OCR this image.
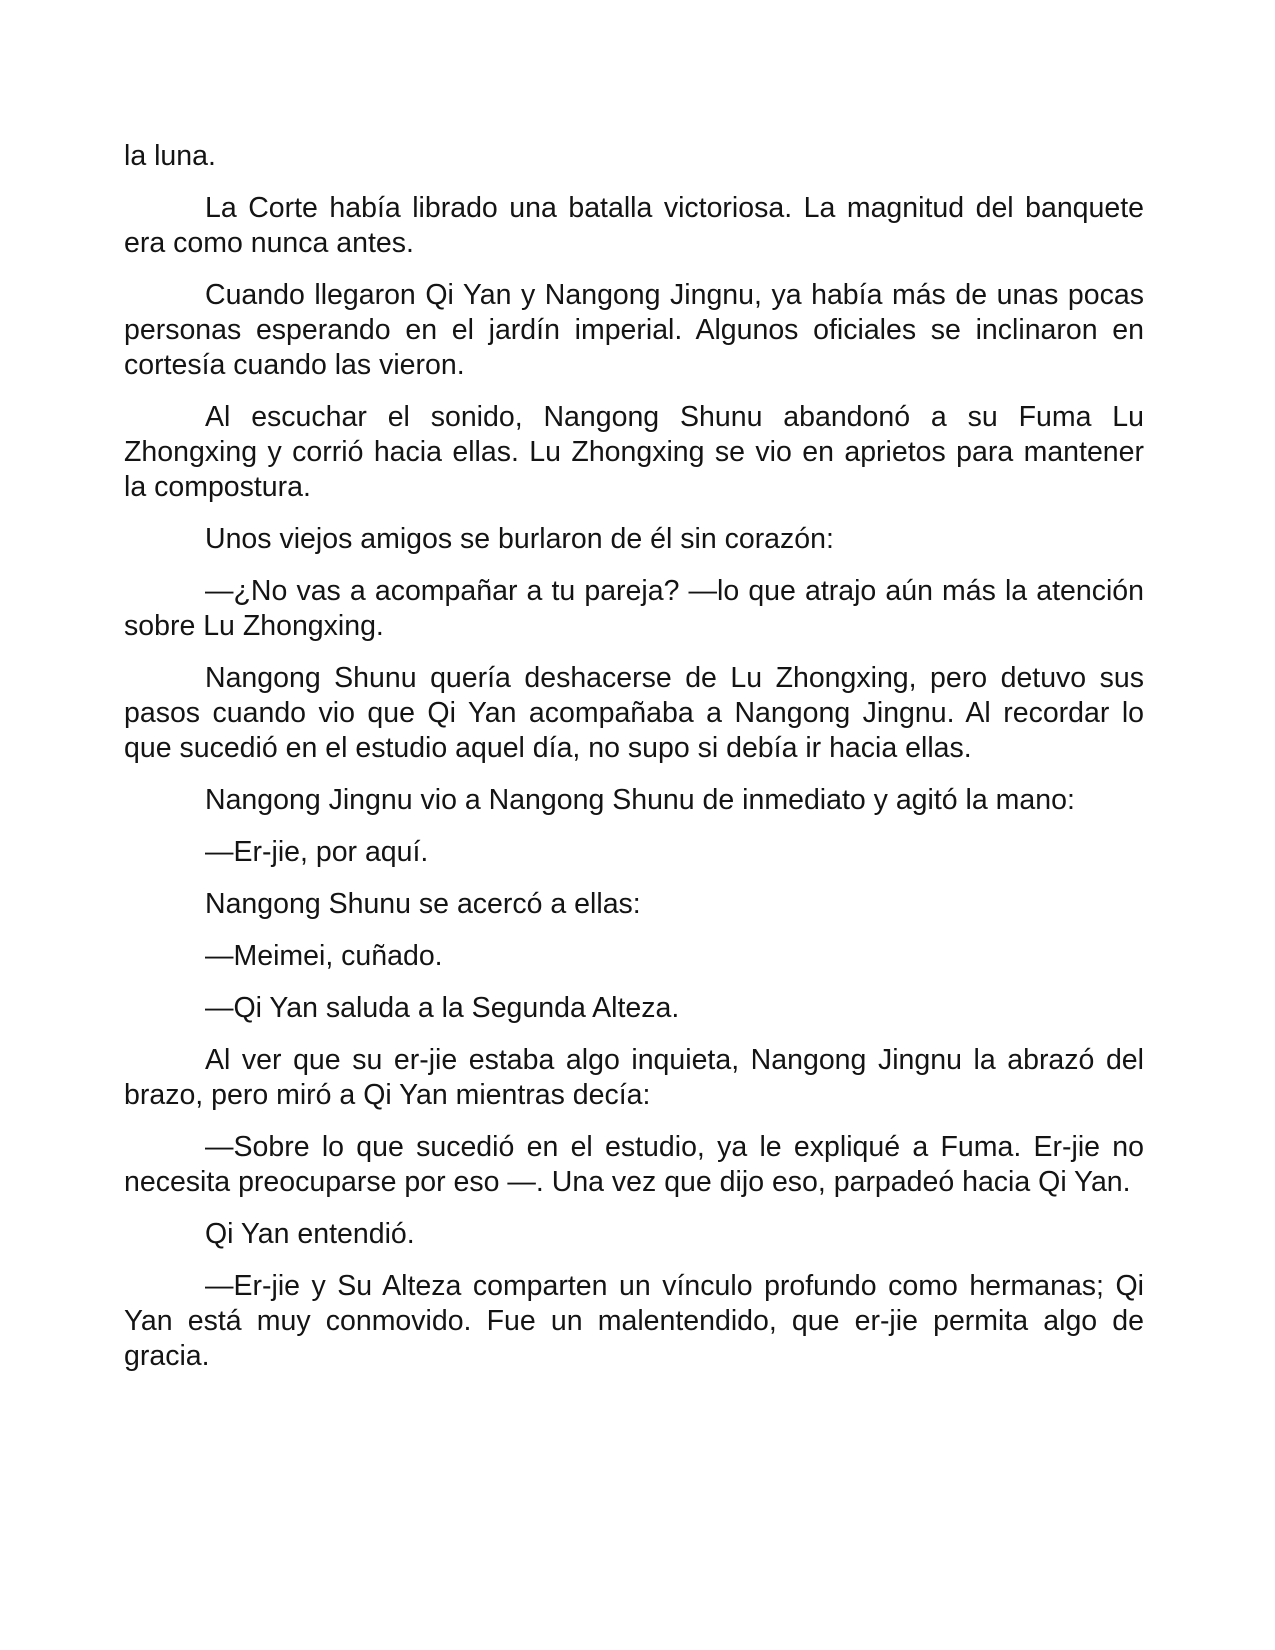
la luna.

La Corte había librado una batalla victoriosa. La magnitud del banquete era como nunca antes.

Cuando llegaron Qi Yan y Nangong Jingnu, ya había más de unas pocas personas esperando en el jardín imperial. Algunos oficiales se inclinaron en cortesía cuando las vieron.

Al escuchar el sonido, Nangong Shunu abandonó a su Fuma Lu Zhongxing y corrió hacia ellas. Lu Zhongxing se vio en aprietos para mantener la compostura.

Unos viejos amigos se burlaron de él sin corazón:

—¿No vas a acompañar a tu pareja? —lo que atrajo aún más la atención sobre Lu Zhongxing.

Nangong Shunu quería deshacerse de Lu Zhongxing, pero detuvo sus pasos cuando vio que Qi Yan acompañaba a Nangong Jingnu. Al recordar lo que sucedió en el estudio aquel día, no supo si debía ir hacia ellas.

Nangong Jingnu vio a Nangong Shunu de inmediato y agitó la mano:

—Er-jie, por aquí.

Nangong Shunu se acercó a ellas:

—Meimei, cuñado.

—Qi Yan saluda a la Segunda Alteza.

Al ver que su er-jie estaba algo inquieta, Nangong Jingnu la abrazó del brazo, pero miró a Qi Yan mientras decía:

—Sobre lo que sucedió en el estudio, ya le expliqué a Fuma. Er-jie no necesita preocuparse por eso —. Una vez que dijo eso, parpadeó hacia Qi Yan.

Qi Yan entendió.

—Er-jie y Su Alteza comparten un vínculo profundo como hermanas; Qi Yan está muy conmovido. Fue un malentendido, que er-jie permita algo de gracia.
